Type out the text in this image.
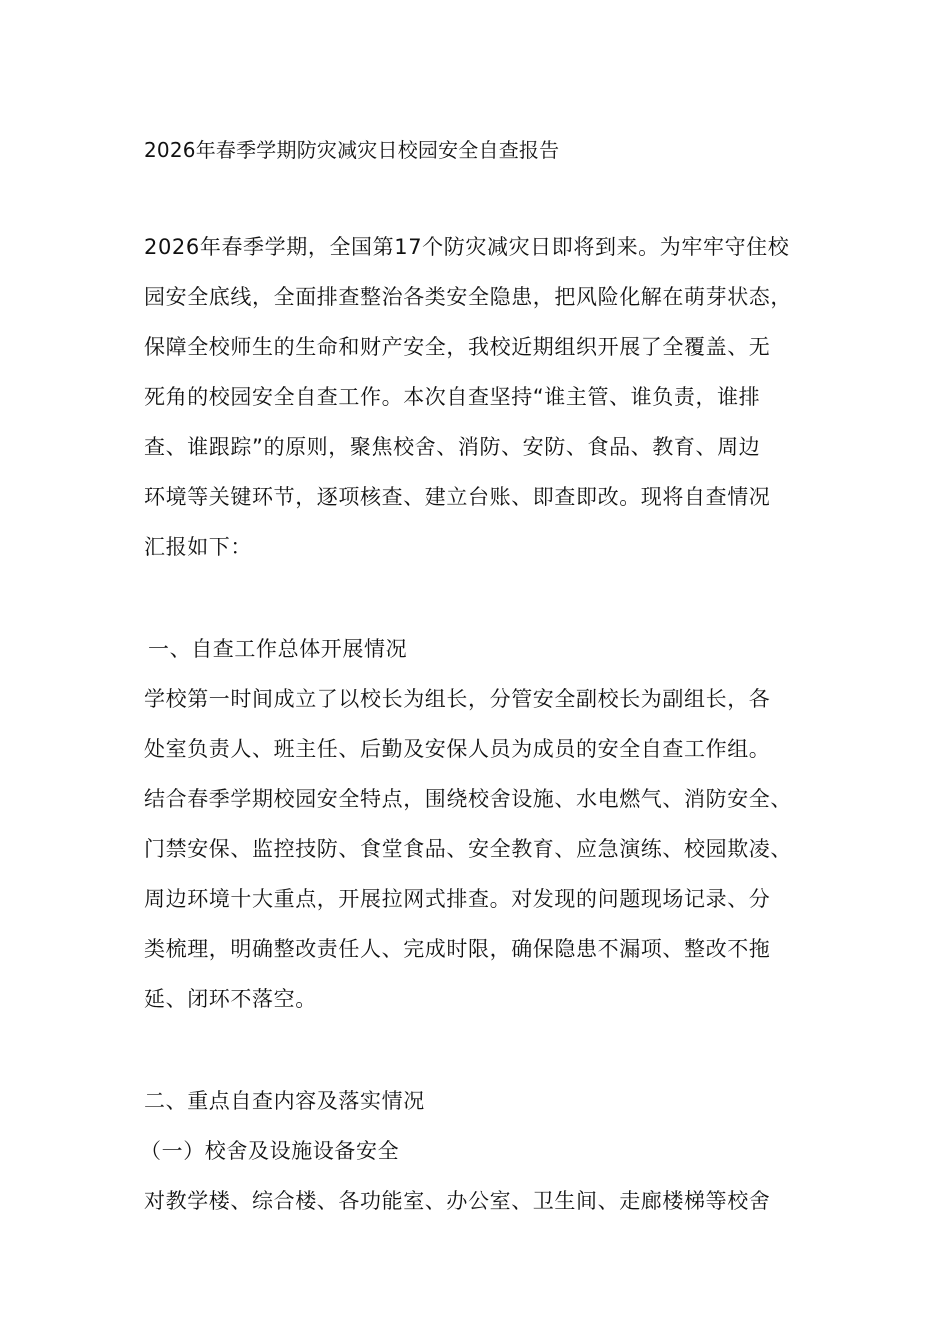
2026年春季学期防灾减灾日校园安全自查报告
2026年春季学期，全国第17个防灾减灾日即将到来。为牢牢守住校
园安全底线，全面排查整治各类安全隐患，把风险化解在萌芽状态，
保障全校师生的生命和财产安全，我校近期组织开展了全覆盖、无
死角的校园安全自查工作。本次自查坚持“谁主管、谁负责，谁排
查、谁跟踪”的原则，聚焦校舍、消防、安防、食品、教育、周边
环境等关键环节，逐项核查、建立台账、即查即改。现将自查情况
汇报如下：
一、自查工作总体开展情况
学校第一时间成立了以校长为组长，分管安全副校长为副组长，各
处室负责人、班主任、后勤及安保人员为成员的安全自查工作组。
结合春季学期校园安全特点，围绕校舍设施、水电燃气、消防安全、
门禁安保、监控技防、食堂食品、安全教育、应急演练、校园欺凌、
周边环境十大重点，开展拉网式排查。对发现的问题现场记录、分
类梳理，明确整改责任人、完成时限，确保隐患不漏项、整改不拖
延、闭环不落空。
二、重点自查内容及落实情况
（一）校舍及设施设备安全
对教学楼、综合楼、各功能室、办公室、卫生间、走廊楼梯等校舍
